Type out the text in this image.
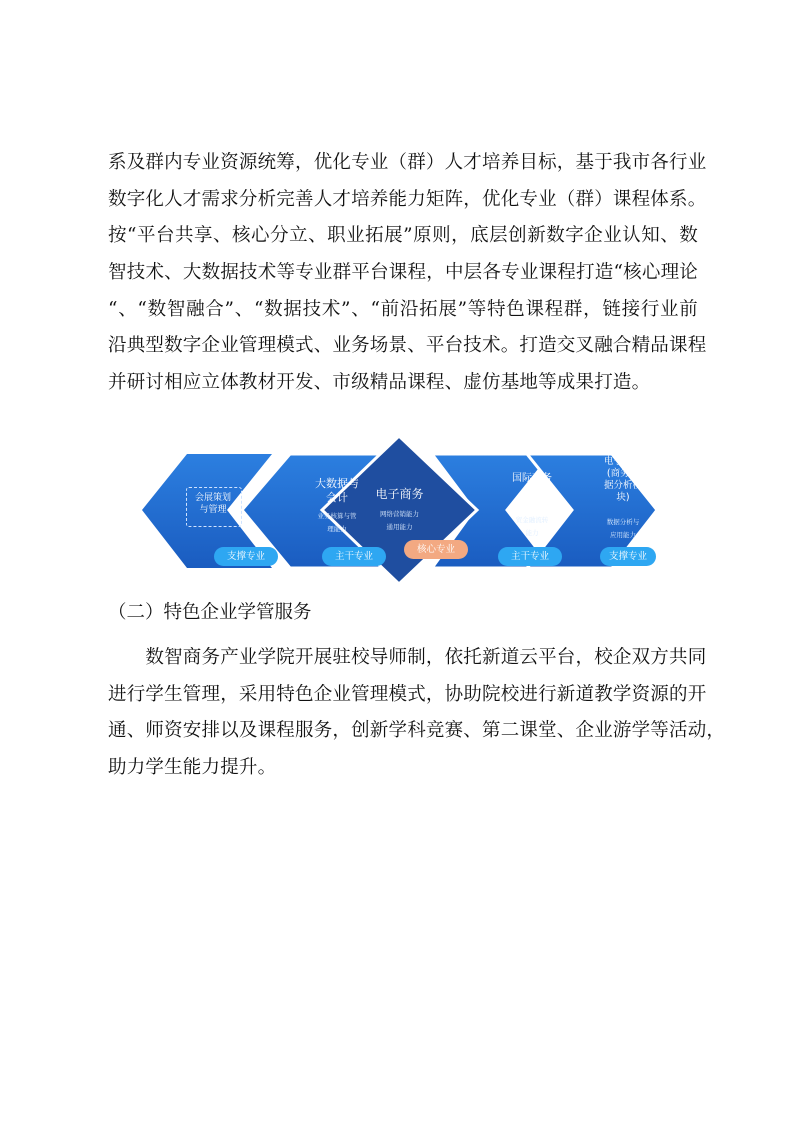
系及群内专业资源统筹，优化专业（群）人才培养目标，基于我市各行业
数字化人才需求分析完善人才培养能力矩阵，优化专业（群）课程体系。
按“平台共享、核心分立、职业拓展”原则，底层创新数字企业认知、数
智技术、大数据技术等专业群平台课程，中层各专业课程打造“核心理论
“、“数智融合”、“数据技术”、“前沿拓展”等特色课程群，链接行业前
沿典型数字企业管理模式、业务场景、平台技术。打造交叉融合精品课程
并研讨相应立体教材开发、市级精品课程、虚仿基地等成果打造。
会展策划
与管理
支撑专业
大数据与
会计
业务核算与管
理能力
主干专业
电子商务
网络营销能力
通用能力
核心专业
国际商务
贸金融流转
能力
主干专业
电子商务
(商务数
据分析模
块)
数据分析与
应用能力
支撑专业
（二）特色企业学管服务
　　数智商务产业学院开展驻校导师制，依托新道云平台，校企双方共同
进行学生管理，采用特色企业管理模式，协助院校进行新道教学资源的开
通、师资安排以及课程服务，创新学科竞赛、第二课堂、企业游学等活动，
助力学生能力提升。
